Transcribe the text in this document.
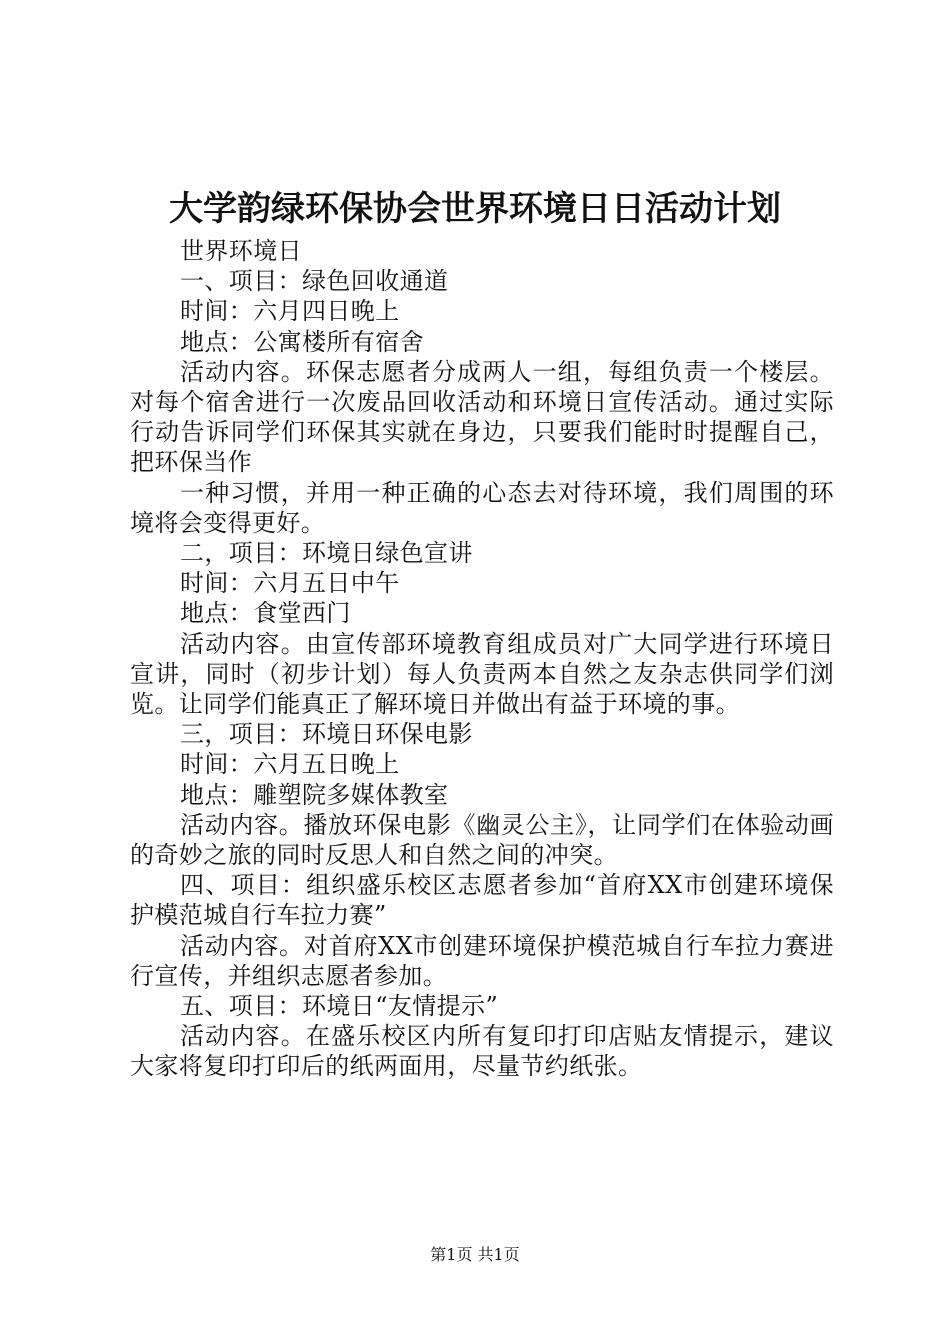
大学韵绿环保协会世界环境日日活动计划

世界环境日

一、项目：绿色回收通道

时间：六月四日晚上

地点：公寓楼所有宿舍

活动内容。环保志愿者分成两人一组，每组负责一个楼层。对每个宿舍进行一次废品回收活动和环境日宣传活动。通过实际行动告诉同学们环保其实就在身边，只要我们能时时提醒自己，把环保当作

一种习惯，并用一种正确的心态去对待环境，我们周围的环境将会变得更好。

二，项目：环境日绿色宣讲

时间：六月五日中午

地点：食堂西门

活动内容。由宣传部环境教育组成员对广大同学进行环境日宣讲，同时（初步计划）每人负责两本自然之友杂志供同学们浏览。让同学们能真正了解环境日并做出有益于环境的事。

三，项目：环境日环保电影

时间：六月五日晚上

地点：雕塑院多媒体教室

活动内容。播放环保电影《幽灵公主》，让同学们在体验动画的奇妙之旅的同时反思人和自然之间的冲突。

四、项目：组织盛乐校区志愿者参加“首府XX市创建环境保护模范城自行车拉力赛”

活动内容。对首府XX市创建环境保护模范城自行车拉力赛进行宣传，并组织志愿者参加。

五、项目：环境日“友情提示”

活动内容。在盛乐校区内所有复印打印店贴友情提示，建议大家将复印打印后的纸两面用，尽量节约纸张。

第1页 共1页
